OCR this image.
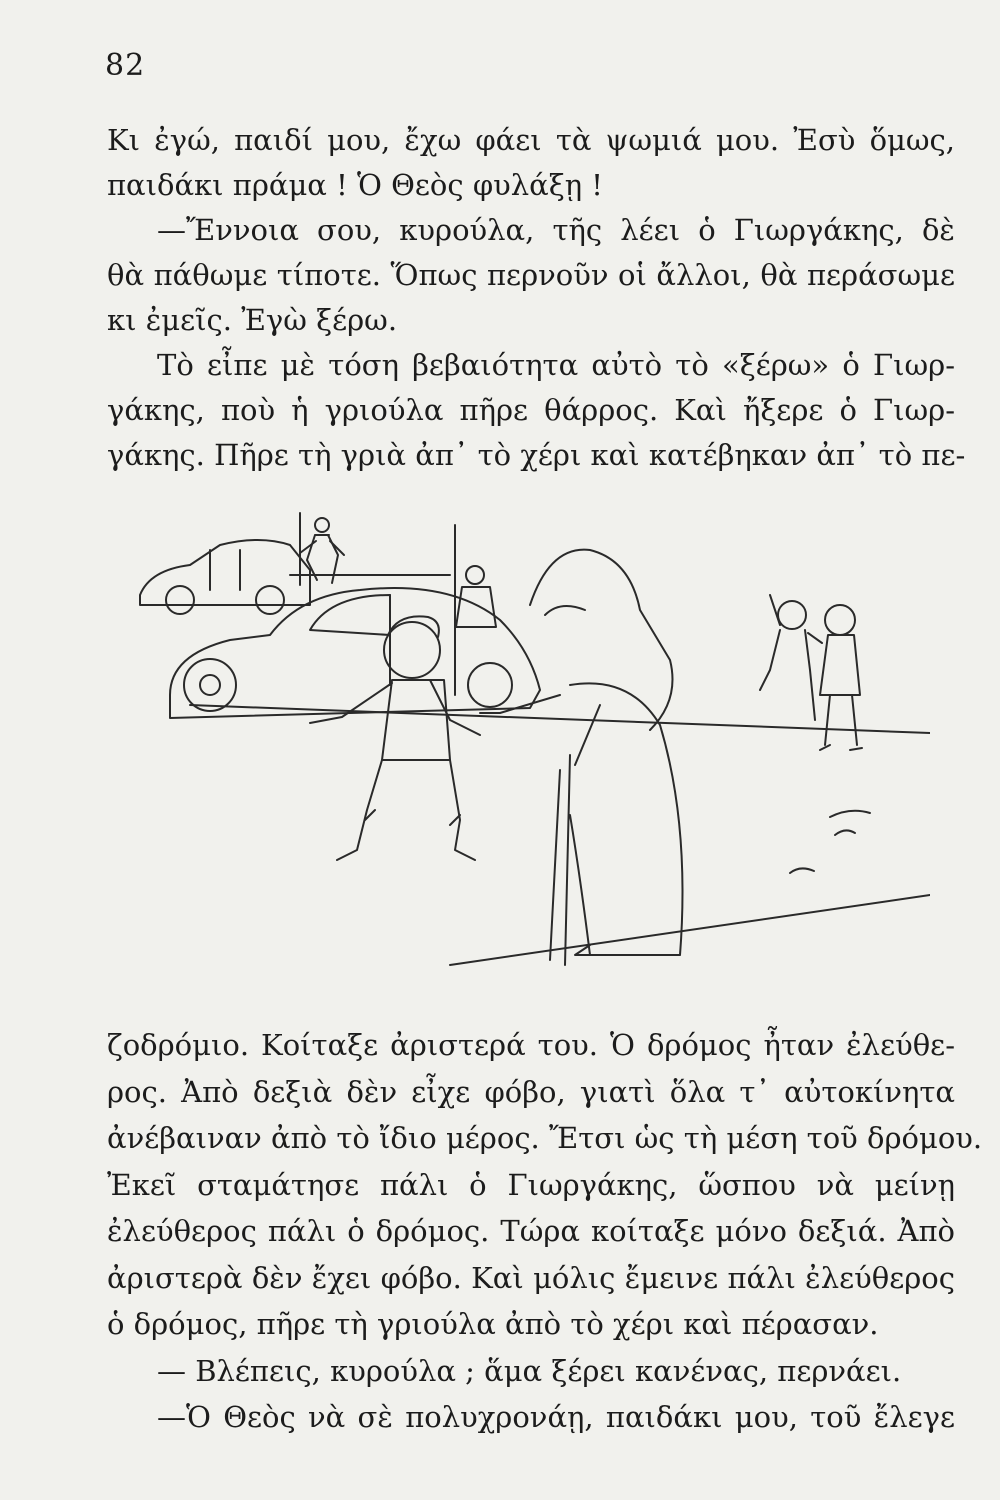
82
Κι ἐγώ, παιδί μου, ἔχω φάει τὰ ψωμιά μου. Ἐσὺ ὅμως,
παιδάκι πράμα ! Ὁ Θεὸς φυλάξῃ !
—Ἔννοια σου, κυρούλα, τῆς λέει ὁ Γιωργάκης, δὲ
θὰ πάθωμε τίποτε. Ὅπως περνοῦν οἱ ἄλλοι, θὰ περάσωμε
κι ἐμεῖς. Ἐγὼ ξέρω.
Τὸ εἶπε μὲ τόση βεβαιότητα αὐτὸ τὸ «ξέρω» ὁ Γιωρ-
γάκης, ποὺ ἡ γριούλα πῆρε θάρρος. Καὶ ἤξερε ὁ Γιωρ-
γάκης. Πῆρε τὴ γριὰ ἀπ᾿ τὸ χέρι καὶ κατέβηκαν ἀπ᾿ τὸ πε-
ζοδρόμιο. Κοίταξε ἀριστερά του. Ὁ δρόμος ἦταν ἐλεύθε-
ρος. Ἀπὸ δεξιὰ δὲν εἶχε φόβο, γιατὶ ὅλα τ᾿ αὐτοκίνητα
ἀνέβαιναν ἀπὸ τὸ ἴδιο μέρος. Ἔτσι ὡς τὴ μέση τοῦ δρόμου.
Ἐκεῖ σταμάτησε πάλι ὁ Γιωργάκης, ὥσπου νὰ μείνῃ
ἐλεύθερος πάλι ὁ δρόμος. Τώρα κοίταξε μόνο δεξιά. Ἀπὸ
ἀριστερὰ δὲν ἔχει φόβο. Καὶ μόλις ἔμεινε πάλι ἐλεύθερος
ὁ δρόμος, πῆρε τὴ γριούλα ἀπὸ τὸ χέρι καὶ πέρασαν.
— Βλέπεις, κυρούλα ; ἅμα ξέρει κανένας, περνάει.
—Ὁ Θεὸς νὰ σὲ πολυχρονάῃ, παιδάκι μου, τοῦ ἔλεγε
